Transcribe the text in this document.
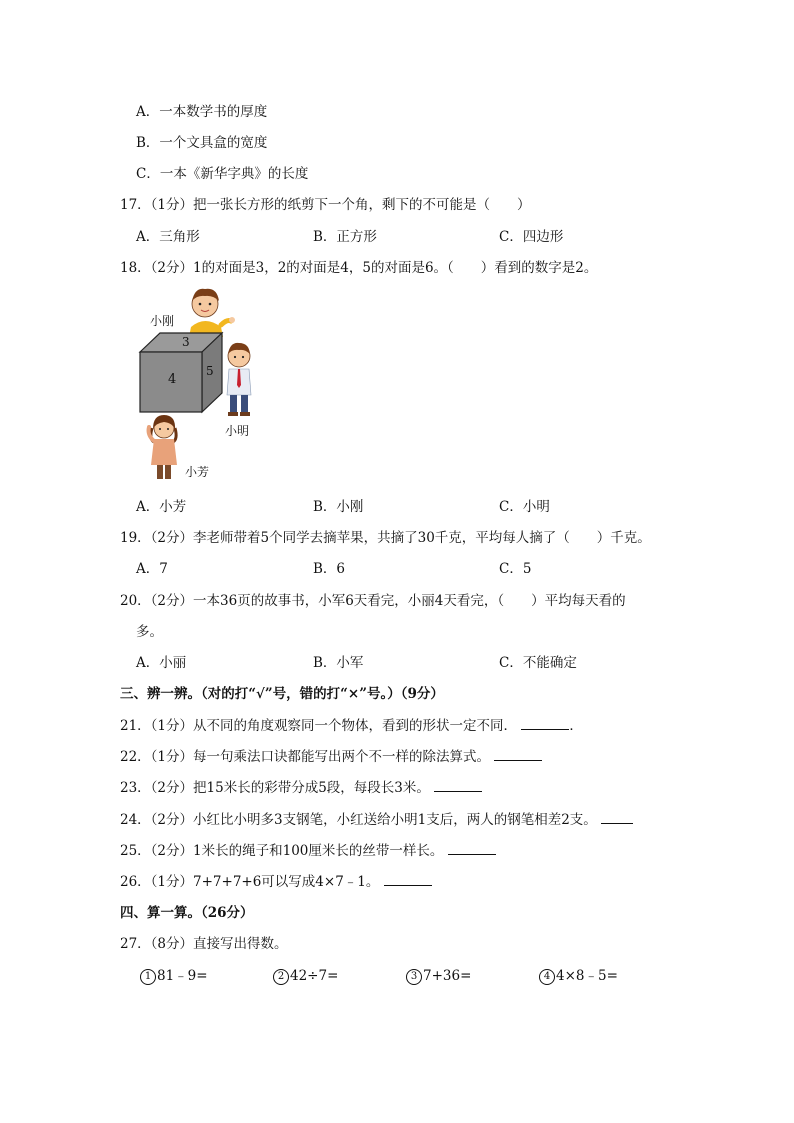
A．一本数学书的厚度
B．一个文具盒的宽度
C．一本《新华字典》的长度
17．（1分）把一张长方形的纸剪下一个角，剩下的不可能是（　　）
A．三角形	B．正方形	C．四边形
18．（2分）1的对面是3，2的对面是4，5的对面是6。（　　）看到的数字是2。
3
4
5
小刚
小明
小芳
A．小芳	B．小刚	C．小明
19．（2分）李老师带着5个同学去摘苹果，共摘了30千克，平均每人摘了（　　）千克。
A．7	B．6	C．5
20．（2分）一本36页的故事书，小军6天看完，小丽4天看完，（　　）平均每天看的
多。
A．小丽	B．小军	C．不能确定
三、辨一辨。（对的打“√”号，错的打“×”号。）（9分）
21．（1分）从不同的角度观察同一个物体，看到的形状一定不同．	．
22．（1分）每一句乘法口诀都能写出两个不一样的除法算式。
23．（2分）把15米长的彩带分成5段，每段长3米。
24．（2分）小红比小明多3支钢笔，小红送给小明1支后，两人的钢笔相差2支。
25．（2分）1米长的绳子和100厘米长的丝带一样长。
26．（1分）7+7+7+6可以写成4×7﹣1。
四、算一算。（26分）
27．（8分）直接写出得数。
1 81﹣9=	2 42÷7=	3 7+36=	4 4×8﹣5=
